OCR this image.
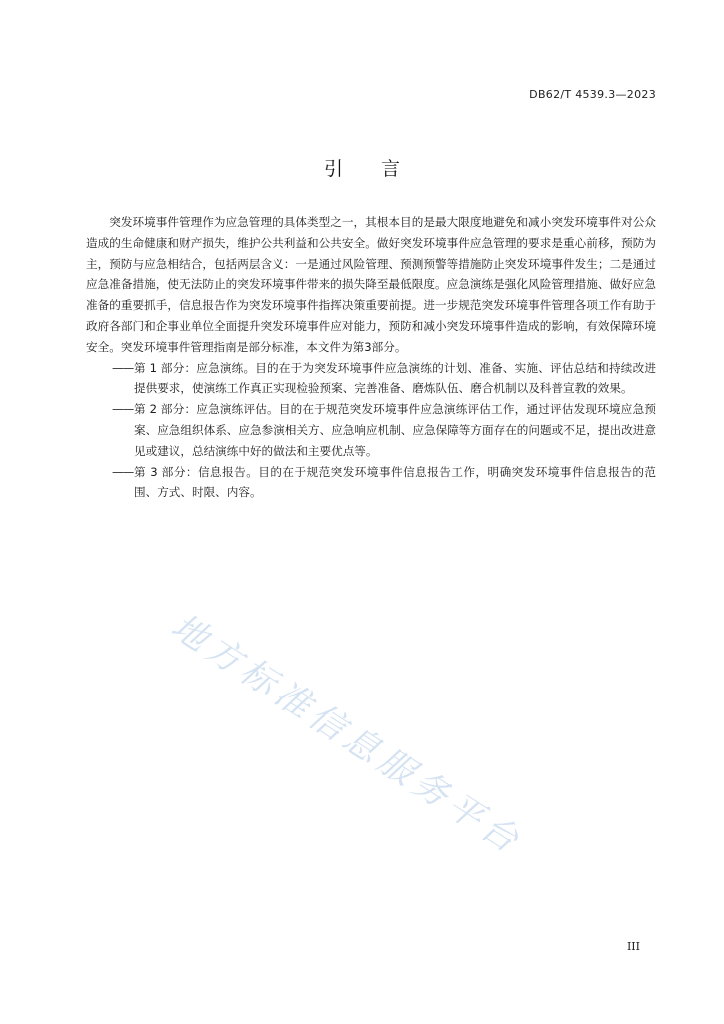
DB62/T 4539.3—2023
引言

突发环境事件管理作为应急管理的具体类型之一，其根本目的是最大限度地避免和减小突发环境事件对公众造成的生命健康和财产损失，维护公共利益和公共安全。做好突发环境事件应急管理的要求是重心前移，预防为主，预防与应急相结合，包括两层含义：一是通过风险管理、预测预警等措施防止突发环境事件发生；二是通过应急准备措施，使无法防止的突发环境事件带来的损失降至最低限度。应急演练是强化风险管理措施、做好应急准备的重要抓手，信息报告作为突发环境事件指挥决策重要前提。进一步规范突发环境事件管理各项工作有助于政府各部门和企事业单位全面提升突发环境事件应对能力，预防和减小突发环境事件造成的影响，有效保障环境安全。突发环境事件管理指南是部分标准，本文件为第3部分。

—— 第 1 部分：应急演练。目的在于为突发环境事件应急演练的计划、准备、实施、评估总结和持续改进提供要求，使演练工作真正实现检验预案、完善准备、磨炼队伍、磨合机制以及科普宣教的效果。

—— 第 2 部分：应急演练评估。目的在于规范突发环境事件应急演练评估工作，通过评估发现环境应急预案、应急组织体系、应急参演相关方、应急响应机制、应急保障等方面存在的问题或不足，提出改进意见或建议，总结演练中好的做法和主要优点等。

—— 第 3 部分：信息报告。目的在于规范突发环境事件信息报告工作，明确突发环境事件信息报告的范围、方式、时限、内容。

地方标准信息服务平台
III
